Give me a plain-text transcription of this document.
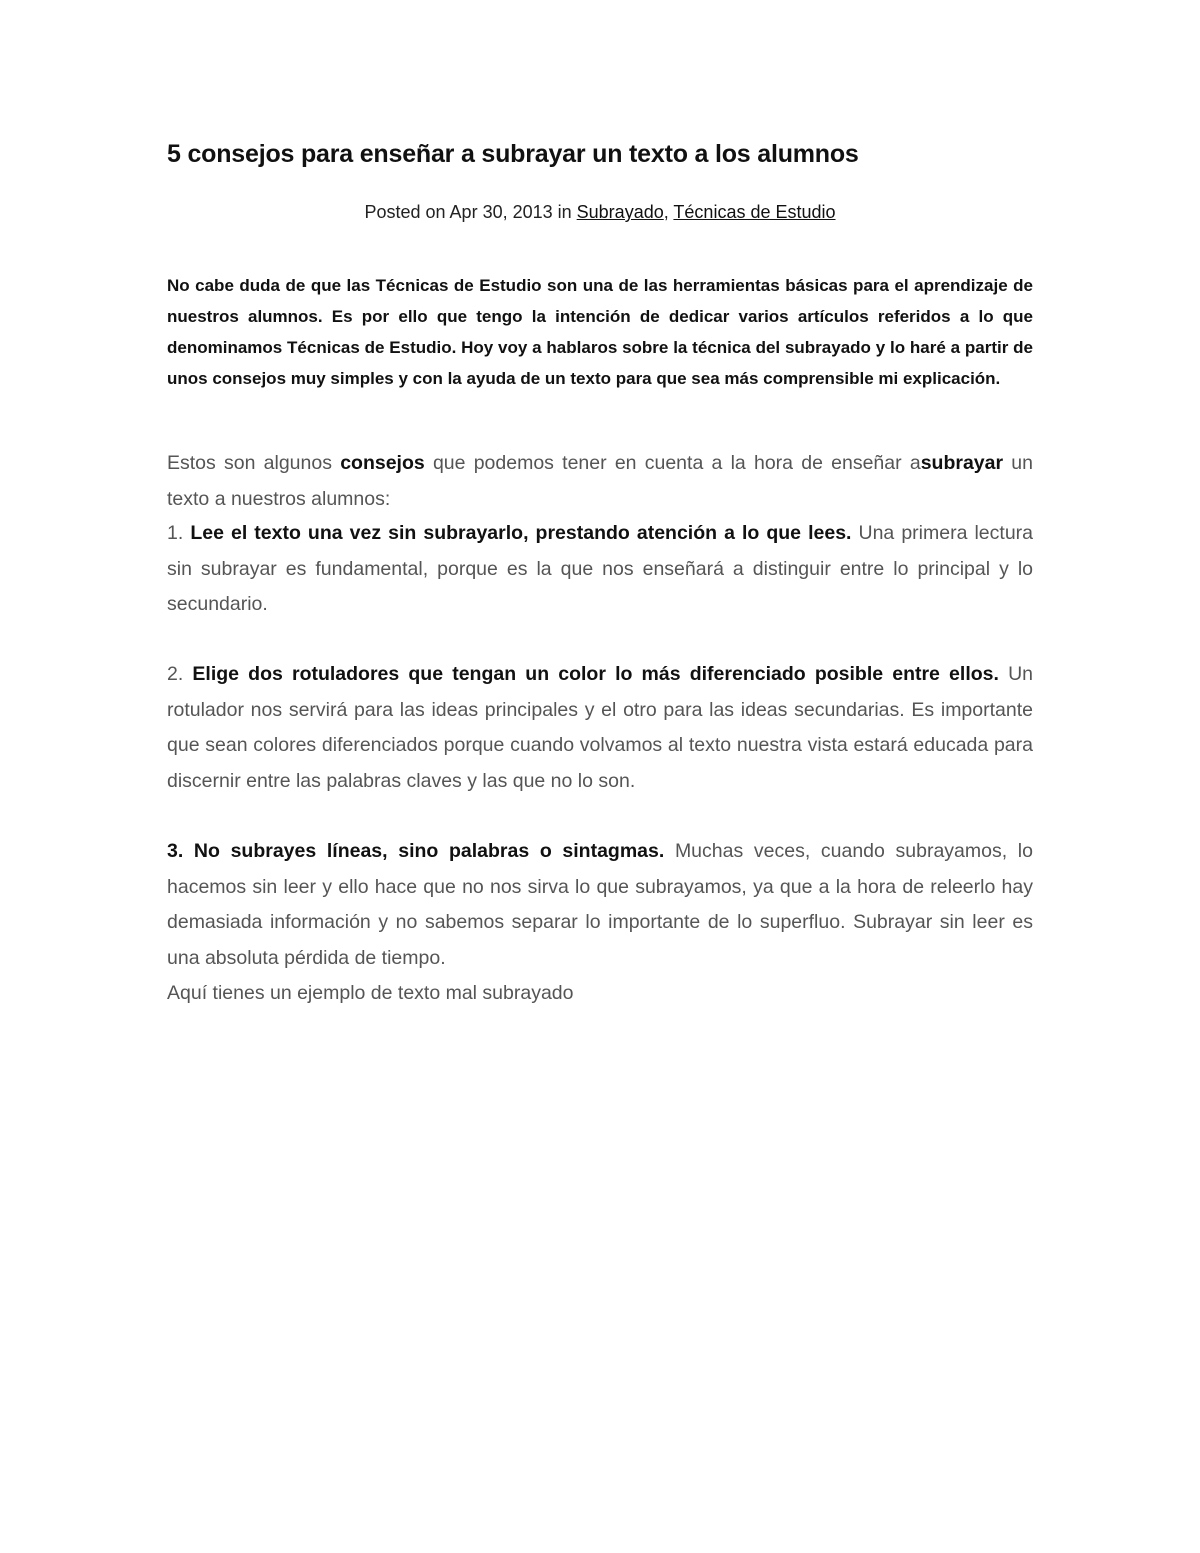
5 consejos para enseñar a subrayar un texto a los alumnos

Posted on Apr 30, 2013 in Subrayado, Técnicas de Estudio

No cabe duda de que las Técnicas de Estudio son una de las herramientas básicas para el aprendizaje de nuestros alumnos. Es por ello que tengo la intención de dedicar varios artículos referidos a lo que denominamos Técnicas de Estudio. Hoy voy a hablaros sobre la técnica del subrayado y lo haré a partir de unos consejos muy simples y con la ayuda de un texto para que sea más comprensible mi explicación.

Estos son algunos consejos que podemos tener en cuenta a la hora de enseñar asubrayar un texto a nuestros alumnos:

1. Lee el texto una vez sin subrayarlo, prestando atención a lo que lees. Una primera lectura sin subrayar es fundamental, porque es la que nos enseñará a distinguir entre lo principal y lo secundario.

2. Elige dos rotuladores que tengan un color lo más diferenciado posible entre ellos. Un rotulador nos servirá para las ideas principales y el otro para las ideas secundarias. Es importante que sean colores diferenciados porque cuando volvamos al texto nuestra vista estará educada para discernir entre las palabras claves y las que no lo son.

3. No subrayes líneas, sino palabras o sintagmas. Muchas veces, cuando subrayamos, lo hacemos sin leer y ello hace que no nos sirva lo que subrayamos, ya que a la hora de releerlo hay demasiada información y no sabemos separar lo importante de lo superfluo. Subrayar sin leer es una absoluta pérdida de tiempo.
Aquí tienes un ejemplo de texto mal subrayado
